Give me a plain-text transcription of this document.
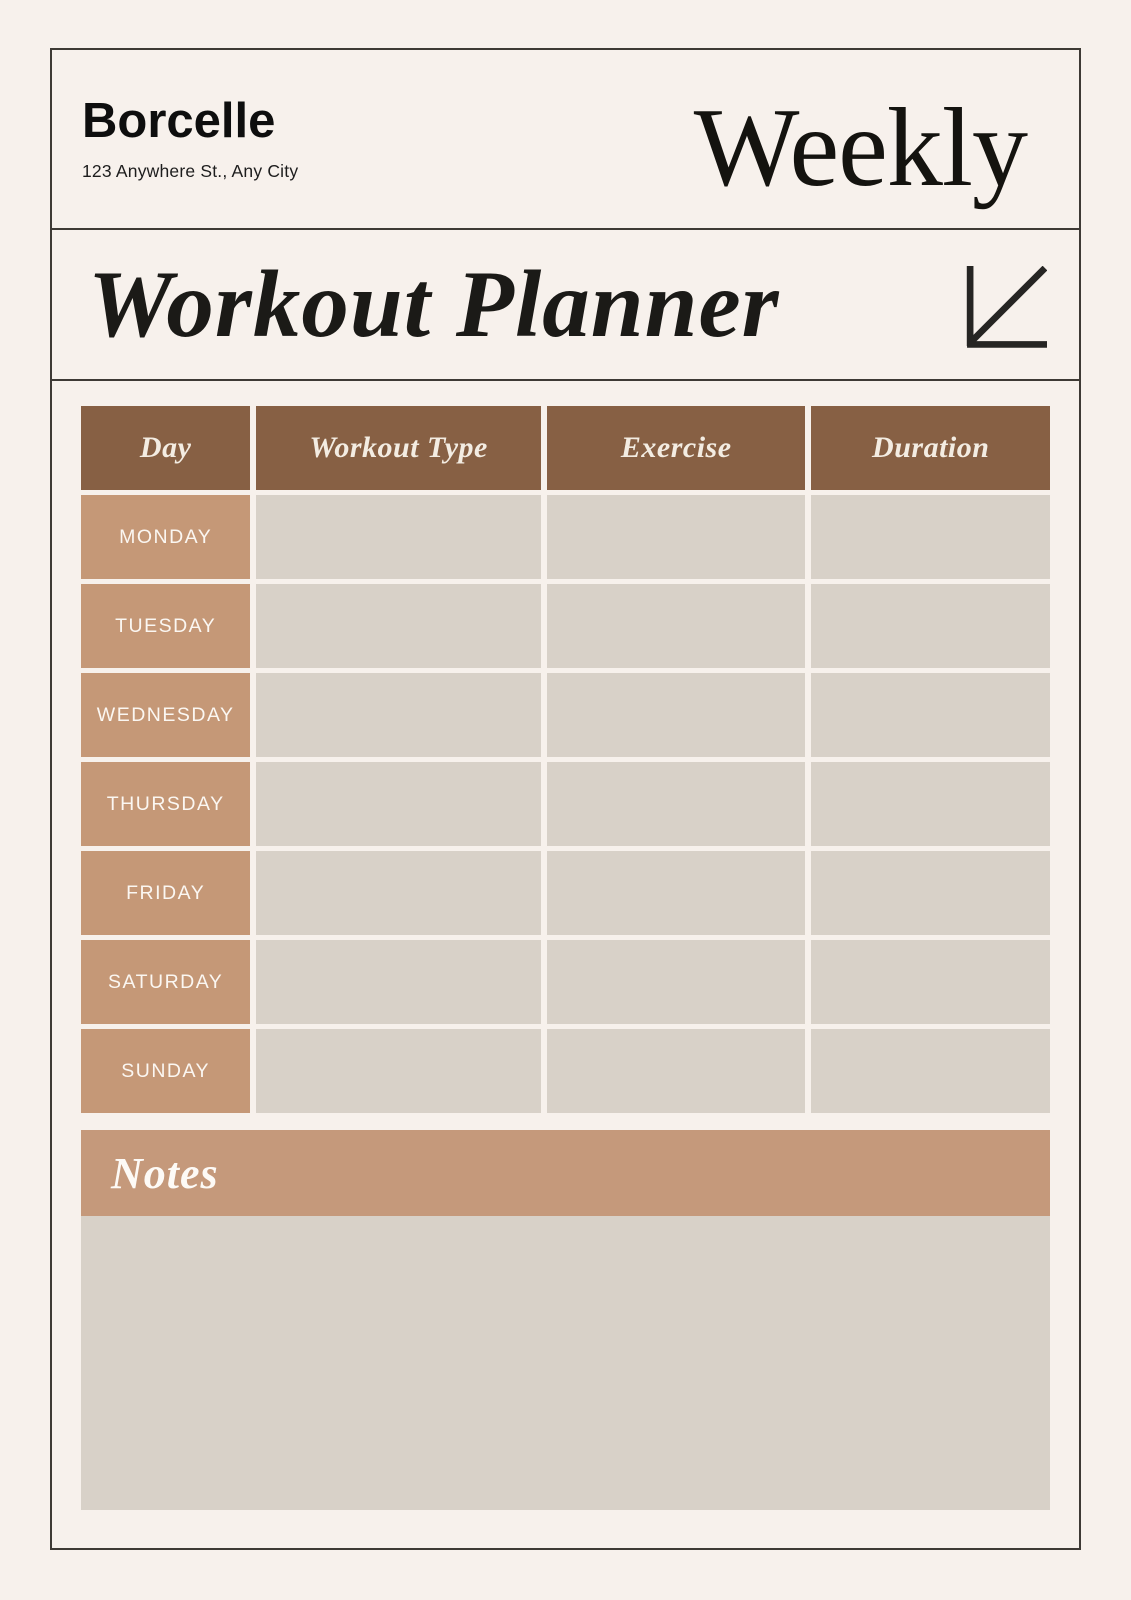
Borcelle
123 Anywhere St., Any City	Weekly
Workout Planner
Day	Workout Type	Exercise	Duration
MONDAY
TUESDAY
WEDNESDAY
THURSDAY
FRIDAY
SATURDAY
SUNDAY
Notes
